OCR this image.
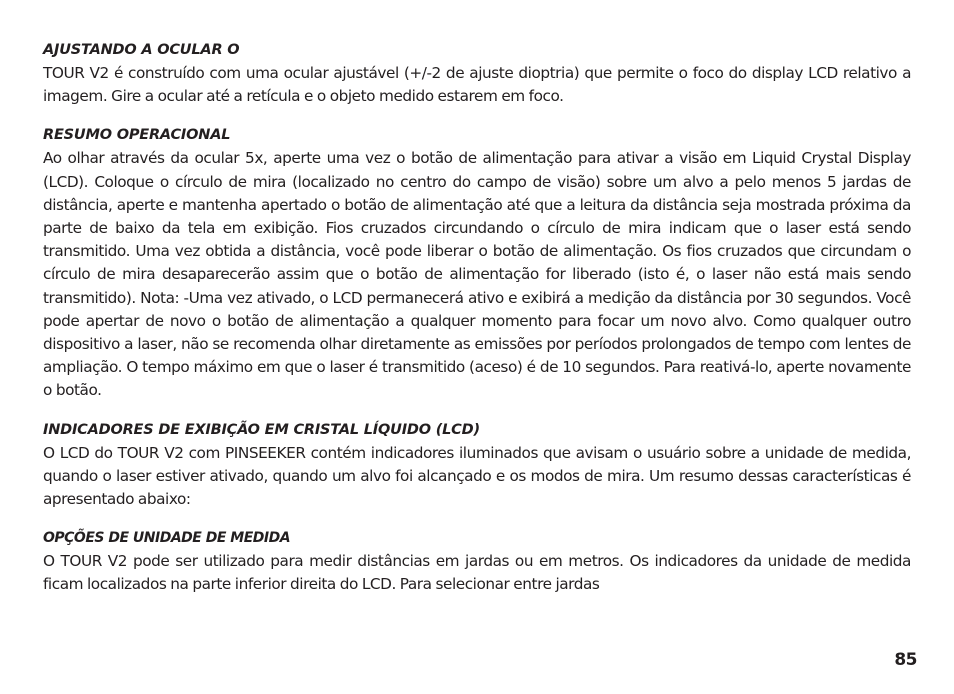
AJUSTANDO A OCULAR O

TOUR V2 é construído com uma ocular ajustável (+/-2 de ajuste dioptria) que permite o foco do display LCD relativo a imagem. Gire a ocular até a retícula e o objeto medido estarem em foco.

RESUMO OPERACIONAL

Ao olhar através da ocular 5x, aperte uma vez o botão de alimentação para ativar a visão em Liquid Crystal Display (LCD). Coloque o círculo de mira (localizado no centro do campo de visão) sobre um alvo a pelo menos 5 jardas de distância, aperte e mantenha apertado o botão de alimentação até que a leitura da distância seja mostrada próxima da parte de baixo da tela em exibição. Fios cruzados circundando o círculo de mira indicam que o laser está sendo transmitido. Uma vez obtida a distância, você pode liberar o botão de alimentação. Os fios cruzados que circundam o círculo de mira desaparecerão assim que o botão de alimentação for liberado (isto é, o laser não está mais sendo transmitido). Nota: -Uma vez ativado, o LCD permanecerá ativo e exibirá a medição da distância por 30 segundos. Você pode apertar de novo o botão de alimentação a qualquer momento para focar um novo alvo. Como qualquer outro dispositivo a laser, não se recomenda olhar diretamente as emissões por períodos prolongados de tempo com lentes de ampliação. O tempo máximo em que o laser é transmitido (aceso) é de 10 segundos. Para reativá-lo, aperte novamente o botão.

INDICADORES DE EXIBIÇÃO EM CRISTAL LÍQUIDO (LCD)

O LCD do TOUR V2 com PINSEEKER contém indicadores iluminados que avisam o usuário sobre a unidade de medida, quando o laser estiver ativado, quando um alvo foi alcançado e os modos de mira. Um resumo dessas características é apresentado abaixo:

OPÇÕES DE UNIDADE DE MEDIDA

O TOUR V2 pode ser utilizado para medir distâncias em jardas ou em metros. Os indicadores da unidade de medida ficam localizados na parte inferior direita do LCD. Para selecionar entre jardas

85
